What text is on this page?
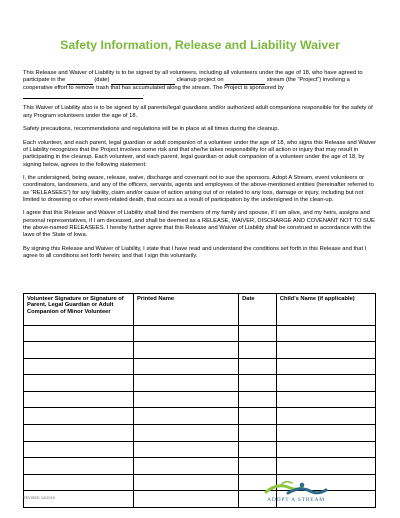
Safety Information, Release and Liability Waiver

This Release and Waiver of Liability is to be signed by all volunteers, including all volunteers under the age of 18, who have agreed to participate in the	(date)	cleanup project on	stream (the “Project”) involving a cooperative effort to remove trash that has accumulated along the stream. The Project is sponsored by .

This Waiver of Liability also is to be signed by all parents/legal guardians and/or authorized adult companions responsible for the safety of any Program volunteers under the age of 18.

Safety precautions, recommendations and regulations will be in place at all times during the cleanup.

Each volunteer, and each parent, legal guardian or adult companion of a volunteer under the age of 18, who signs this Release and Waiver of Liability recognizes that the Project involves some risk and that she/he takes responsibility for all action or injury that may result in participating in the cleanup. Each volunteer, and each parent, legal guardian or adult companion of a volunteer under the age of 18, by signing below, agrees to the following statement:

I, the undersigned, being aware, release, waive, discharge and covenant not to sue the sponsors, Adopt A Stream, event volunteers or coordinators, landowners, and any of the officers, servants, agents and employees of the above-mentioned entities (hereinafter referred to as “RELEASEES”) for any liability, claim and/or cause of action arising out of or related to any loss, damage or injury, including but not limited to drowning or other event-related death, that occurs as a result of participation by the undersigned in the clean-up.

I agree that this Release and Waiver of Liability shall bind the members of my family and spouse, if I am alive, and my heirs, assigns and personal representatives, if I am deceased, and shall be deemed as a RELEASE, WAIVER, DISCHARGE AND COVENANT NOT TO SUE the above-named RELEASEES. I hereby further agree that this Release and Waiver of Liability shall be construed in accordance with the laws of the State of Iowa.

By signing this Release and Waiver of Liability, I state that I have read and understand the conditions set forth in this Release and that I agree to all conditions set forth herein; and that I sign this voluntarily.

Volunteer Signature or Signature of Parent, Legal Guardian or Adult Companion of Minor Volunteer	Printed Name	Date	Child’s Name (if applicable)

REVISED 12/2010	ADOPT A STREAM
